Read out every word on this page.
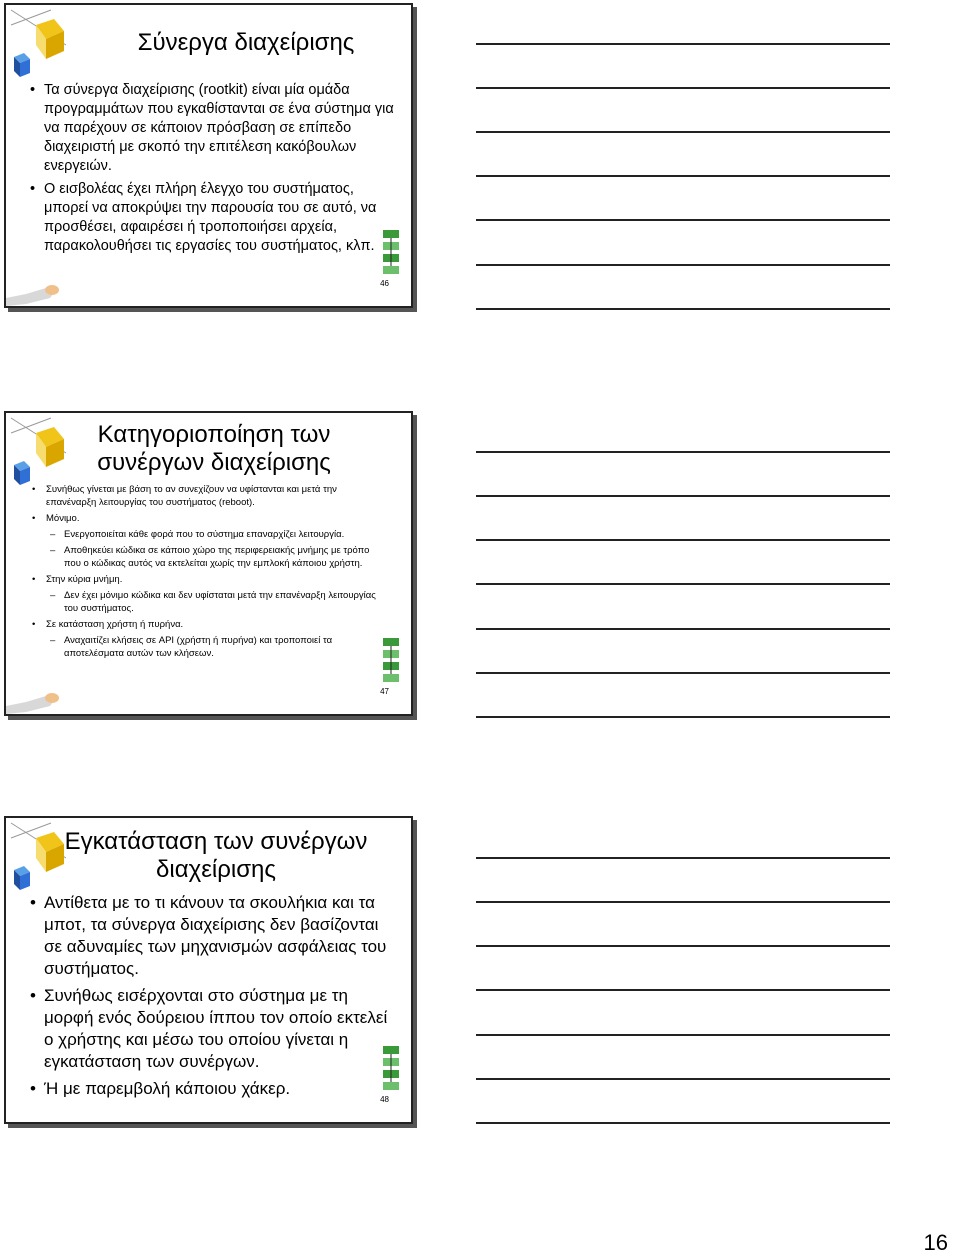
Σύνεργα διαχείρισης
• Τα σύνεργα διαχείρισης (rootkit) είναι μία ομάδα προγραμμάτων που εγκαθίστανται σε ένα σύστημα για να παρέχουν σε κάποιον πρόσβαση σε επίπεδο διαχειριστή με σκοπό την επιτέλεση κακόβουλων ενεργειών.
• Ο εισβολέας έχει πλήρη έλεγχο του συστήματος, μπορεί να αποκρύψει την παρουσία του σε αυτό, να προσθέσει, αφαιρέσει ή τροποποιήσει αρχεία, παρακολουθήσει τις εργασίες του συστήματος, κλπ.
46
Κατηγοριοποίηση των συνέργων διαχείρισης
• Συνήθως γίνεται με βάση το αν συνεχίζουν να υφίστανται και μετά την επανέναρξη λειτουργίας του συστήματος (reboot).
• Μόνιμο.
– Ενεργοποιείται κάθε φορά που το σύστημα επαναρχίζει λειτουργία.
– Αποθηκεύει κώδικα σε κάποιο χώρο της περιφερειακής μνήμης με τρόπο που ο κώδικας αυτός να εκτελείται χωρίς την εμπλοκή κάποιου χρήστη.
• Στην κύρια μνήμη.
– Δεν έχει μόνιμο κώδικα και δεν υφίσταται μετά την επανέναρξη λειτουργίας του συστήματος.
• Σε κατάσταση χρήστη ή πυρήνα.
– Αναχαιτίζει κλήσεις σε API (χρήστη ή πυρήνα) και τροποποιεί τα αποτελέσματα αυτών των κλήσεων.
47
Εγκατάσταση των συνέργων διαχείρισης
• Αντίθετα με το τι κάνουν τα σκουλήκια και τα μποτ, τα σύνεργα διαχείρισης δεν βασίζονται σε αδυναμίες των μηχανισμών ασφάλειας του συστήματος.
• Συνήθως εισέρχονται στο σύστημα με τη μορφή ενός δούρειου ίππου τον οποίο εκτελεί ο χρήστης και μέσω του οποίου γίνεται η εγκατάσταση των συνέργων.
• Ή με παρεμβολή κάποιου χάκερ.
48
16
